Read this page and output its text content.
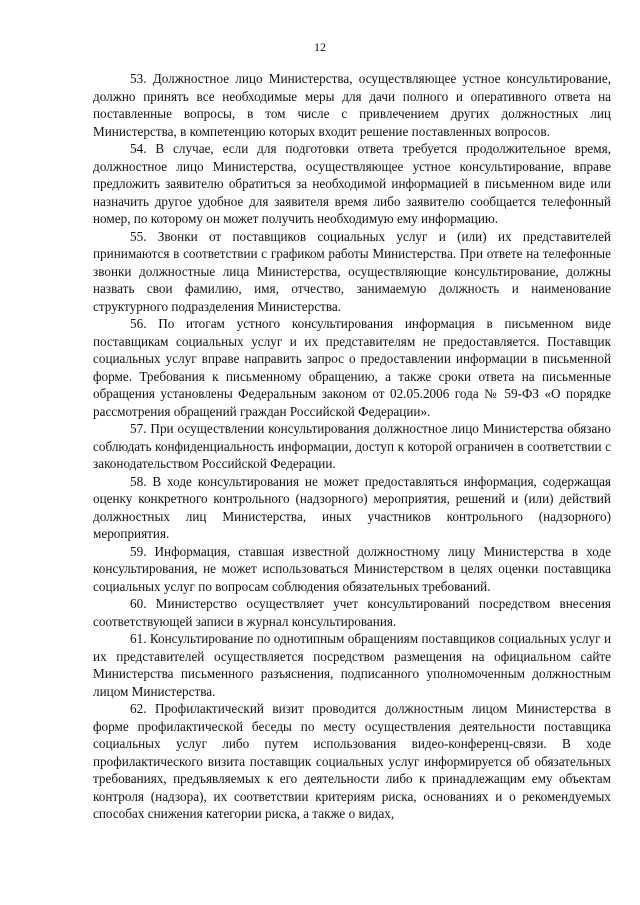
12

53. Должностное лицо Министерства, осуществляющее устное консультирование, должно принять все необходимые меры для дачи полного и оперативного ответа на поставленные вопросы, в том числе с привлечением других должностных лиц Министерства, в компетенцию которых входит решение поставленных вопросов.

54. В случае, если для подготовки ответа требуется продолжительное время, должностное лицо Министерства, осуществляющее устное консультирование, вправе предложить заявителю обратиться за необходимой информацией в письменном виде или назначить другое удобное для заявителя время либо заявителю сообщается телефонный номер, по которому он может получить необходимую ему информацию.

55. Звонки от поставщиков социальных услуг и (или) их представителей принимаются в соответствии с графиком работы Министерства. При ответе на телефонные звонки должностные лица Министерства, осуществляющие консультирование, должны назвать свои фамилию, имя, отчество, занимаемую должность и наименование структурного подразделения Министерства.

56. По итогам устного консультирования информация в письменном виде поставщикам социальных услуг и их представителям не предоставляется. Поставщик социальных услуг вправе направить запрос о предоставлении информации в письменной форме. Требования к письменному обращению, а также сроки ответа на письменные обращения установлены Федеральным законом от 02.05.2006 года № 59-ФЗ «О порядке рассмотрения обращений граждан Российской Федерации».

57. При осуществлении консультирования должностное лицо Министерства обязано соблюдать конфиденциальность информации, доступ к которой ограничен в соответствии с законодательством Российской Федерации.

58. В ходе консультирования не может предоставляться информация, содержащая оценку конкретного контрольного (надзорного) мероприятия, решений и (или) действий должностных лиц Министерства, иных участников контрольного (надзорного) мероприятия.

59. Информация, ставшая известной должностному лицу Министерства в ходе консультирования, не может использоваться Министерством в целях оценки поставщика социальных услуг по вопросам соблюдения обязательных требований.

60. Министерство осуществляет учет консультирований посредством внесения соответствующей записи в журнал консультирования.

61. Консультирование по однотипным обращениям поставщиков социальных услуг и их представителей осуществляется посредством размещения на официальном сайте Министерства письменного разъяснения, подписанного уполномоченным должностным лицом Министерства.

62. Профилактический визит проводится должностным лицом Министерства в форме профилактической беседы по месту осуществления деятельности поставщика социальных услуг либо путем использования видео-конференц-связи. В ходе профилактического визита поставщик социальных услуг информируется об обязательных требованиях, предъявляемых к его деятельности либо к принадлежащим ему объектам контроля (надзора), их соответствии критериям риска, основаниях и о рекомендуемых способах снижения категории риска, а также о видах,
